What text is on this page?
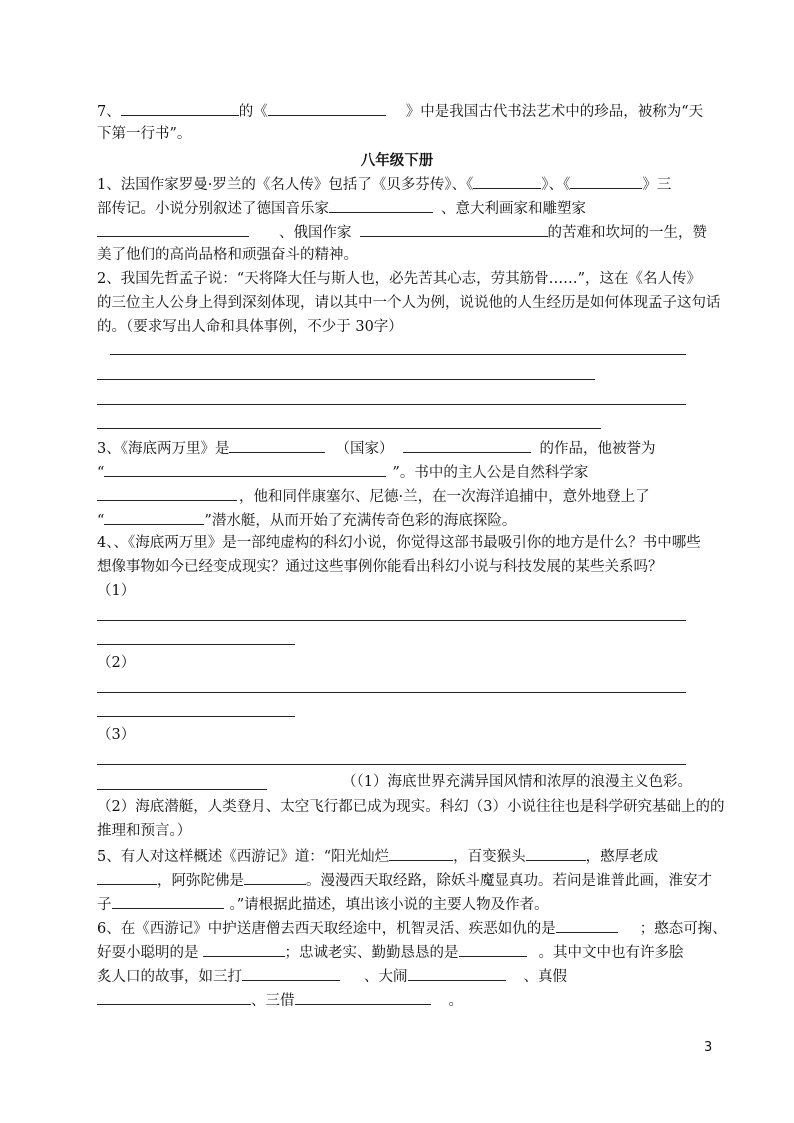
7、	的《	》中是我国古代书法艺术中的珍品，被称为“天
下第一行书”。
八年级下册
1、法国作家罗曼·罗兰的《名人传》包括了《贝多芬传》、《	》、《	》三
部传记。小说分别叙述了德国音乐家	、意大利画家和雕塑家
、俄国作家	的苦难和坎坷的一生，赞
美了他们的高尚品格和顽强奋斗的精神。
2、我国先哲孟子说：“天将降大任与斯人也，必先苦其心志，劳其筋骨……”，这在《名人传》
的三位主人公身上得到深刻体现，请以其中一个人为例，说说他的人生经历是如何体现孟子这句话
的。（要求写出人命和具体事例，不少于 30字）
3、《海底两万里》是	（国家）	的作品，他被誉为
“	”。书中的主人公是自然科学家
，他和同伴康塞尔、尼德·兰，在一次海洋追捕中，意外地登上了
“	”潜水艇，从而开始了充满传奇色彩的海底探险。
4、、《海底两万里》是一部纯虚构的科幻小说，你觉得这部书最吸引你的地方是什么？书中哪些
想像事物如今已经变成现实？通过这些事例你能看出科幻小说与科技发展的某些关系吗？
（1）
（2）
（3）
（（1）海底世界充满异国风情和浓厚的浪漫主义色彩。
（2）海底潜艇，人类登月、太空飞行都已成为现实。科幻（3）小说往往也是科学研究基础上的的
推理和预言。）
5、有人对这样概述《西游记》道：“阳光灿烂	，百变猴头	，憨厚老成
，阿弥陀佛是	。漫漫西天取经路，除妖斗魔显真功。若问是谁普此画，淮安才
子	。”请根据此描述，填出该小说的主要人物及作者。
6、在《西游记》中护送唐僧去西天取经途中，机智灵活、疾恶如仇的是	；憨态可掬、
好耍小聪明的是	；忠诚老实、勤勤恳恳的是	。其中文中也有许多脍
炙人口的故事，如三打	、大闹	、真假
、三借	。
3
